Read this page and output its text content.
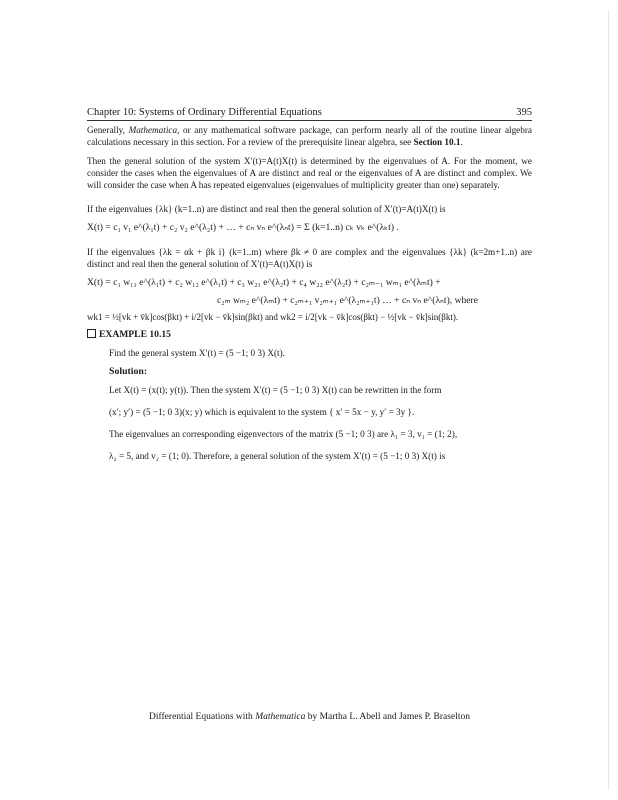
Chapter 10: Systems of Ordinary Differential Equations	395

Generally, Mathematica, or any mathematical software package, can perform nearly all of the routine linear algebra calculations necessary in this section. For a review of the prerequisite linear algebra, see Section 10.1.

Then the general solution of the system X′(t)=A(t)X(t) is determined by the eigenvalues of A. For the moment, we consider the cases when the eigenvalues of A are distinct and real or the eigenvalues of A are distinct and complex. We will consider the case when A has repeated eigenvalues (eigenvalues of multiplicity greater than one) separately.

If the eigenvalues {λk} (k=1..n) are distinct and real then the general solution of X′(t)=A(t)X(t) is

X(t) = c₁ v₁ e^(λ₁t) + c₂ v₂ e^(λ₂t) + … + cₙ vₙ e^(λₙt) = Σ (k=1..n) cₖ vₖ e^(λₖt) .

If the eigenvalues {λk = αk + βk i} (k=1..m) where βk ≠ 0 are complex and the eigenvalues {λk} (k=2m+1..n) are distinct and real then the general solution of X′(t)=A(t)X(t) is

X(t) = c₁ w₁₁ e^(λ₁t) + c₂ w₁₂ e^(λ₁t) + c₃ w₂₁ e^(λ₂t) + c₄ w₂₂ e^(λ₂t) + c₂ₘ₋₁ wₘ₁ e^(λₘt) +
c₂ₘ wₘ₂ e^(λₘt) + c₂ₘ₊₁ v₂ₘ₊₁ e^(λ₂ₘ₊₁t) … + cₙ vₙ e^(λₙt), where
wk1 = ½[vk + v̄k]cos(βkt) + i/2[vk − v̄k]sin(βkt) and wk2 = i/2[vk − v̄k]cos(βkt) − ½[vk − v̄k]sin(βkt).
EXAMPLE 10.15

Find the general system X′(t) = (5 −1; 0 3) X(t).

Solution:

Let X(t) = (x(t); y(t)). Then the system X′(t) = (5 −1; 0 3) X(t) can be rewritten in the form

(x′; y′) = (5 −1; 0 3)(x; y) which is equivalent to the system { x′ = 5x − y, y′ = 3y }.

The eigenvalues an corresponding eigenvectors of the matrix (5 −1; 0 3) are λ₁ = 3, v₁ = (1; 2),

λ₂ = 5, and v₂ = (1; 0). Therefore, a general solution of the system X′(t) = (5 −1; 0 3) X(t) is

Differential Equations with Mathematica by Martha L. Abell and James P. Braselton
